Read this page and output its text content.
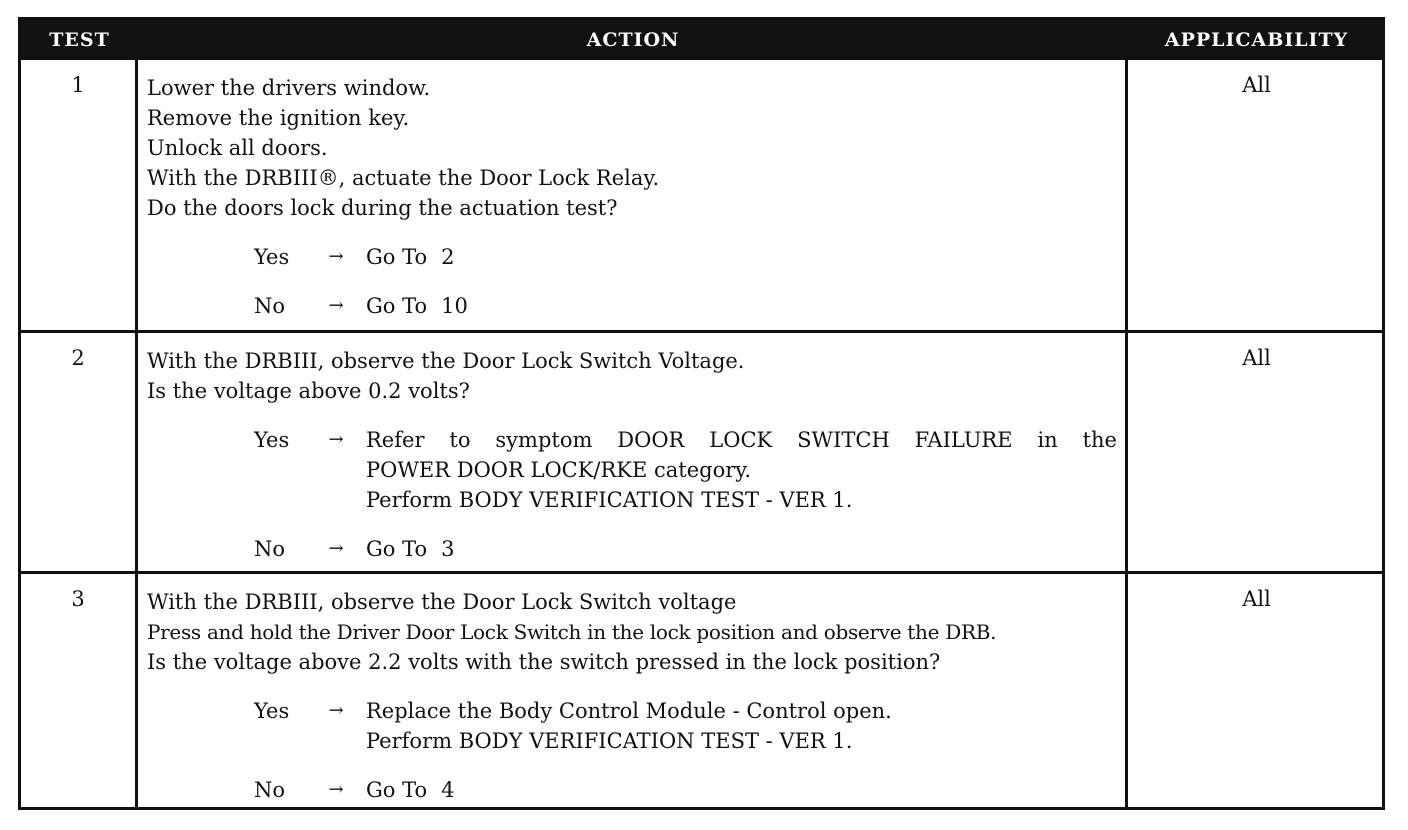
TEST	ACTION	APPLICABILITY
1	Lower the drivers window.
Remove the ignition key.
Unlock all doors.
With the DRBIII®, actuate the Door Lock Relay.
Do the doors lock during the actuation test?
Yes	→	Go To 2
No	→	Go To 10
All
2	With the DRBIII, observe the Door Lock Switch Voltage.
Is the voltage above 0.2 volts?
Yes	→	Refer to symptom DOOR LOCK SWITCH FAILURE in the
POWER DOOR LOCK/RKE category.
Perform BODY VERIFICATION TEST - VER 1.
No	→	Go To 3
All
3	With the DRBIII, observe the Door Lock Switch voltage
Press and hold the Driver Door Lock Switch in the lock position and observe the DRB.
Is the voltage above 2.2 volts with the switch pressed in the lock position?
Yes	→	Replace the Body Control Module - Control open.
Perform BODY VERIFICATION TEST - VER 1.
No	→	Go To 4
All
